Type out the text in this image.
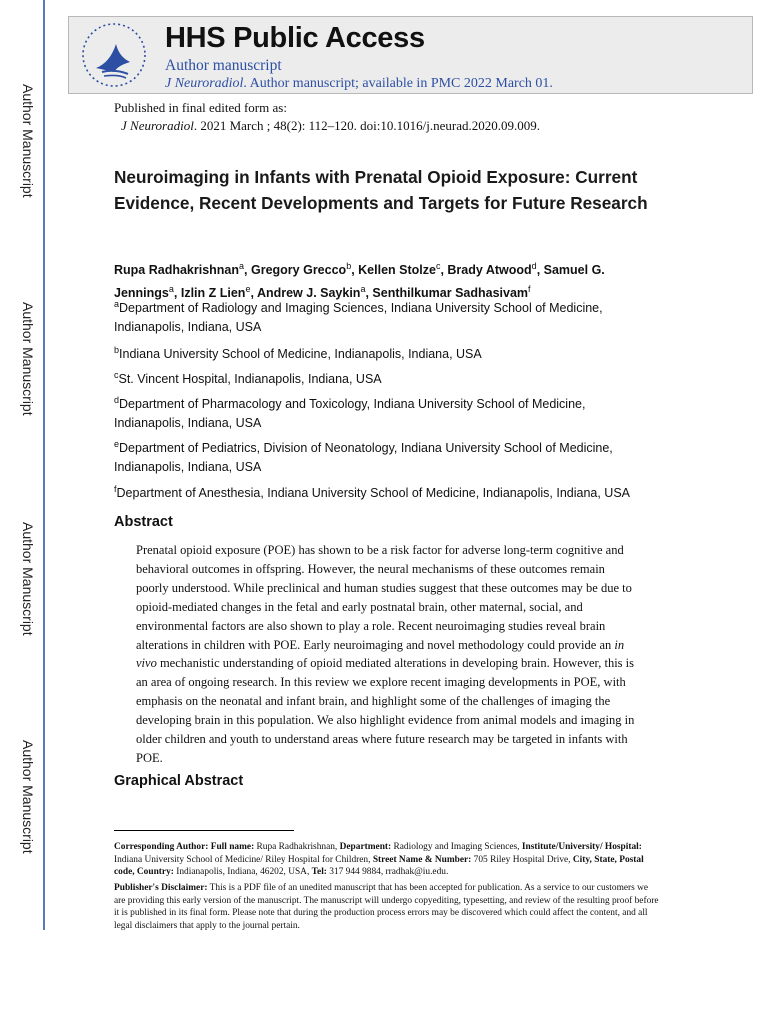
Author Manuscript
Author Manuscript
Author Manuscript
Author Manuscript
HHS Public Access
Author manuscript
J Neuroradiol. Author manuscript; available in PMC 2022 March 01.
Published in final edited form as:
J Neuroradiol. 2021 March ; 48(2): 112–120. doi:10.1016/j.neurad.2020.09.009.
Neuroimaging in Infants with Prenatal Opioid Exposure: Current Evidence, Recent Developments and Targets for Future Research
Rupa Radhakrishnan$^a$, Gregory Grecco$^b$, Kellen Stolze$^c$, Brady Atwood$^d$, Samuel G. Jennings$^a$, Izlin Z Lien$^e$, Andrew J. Saykin$^a$, Senthilkumar Sadhasivam$^f$
$^a$Department of Radiology and Imaging Sciences, Indiana University School of Medicine, Indianapolis, Indiana, USA
$^b$Indiana University School of Medicine, Indianapolis, Indiana, USA
$^c$St. Vincent Hospital, Indianapolis, Indiana, USA
$^d$Department of Pharmacology and Toxicology, Indiana University School of Medicine, Indianapolis, Indiana, USA
$^e$Department of Pediatrics, Division of Neonatology, Indiana University School of Medicine, Indianapolis, Indiana, USA
$^f$Department of Anesthesia, Indiana University School of Medicine, Indianapolis, Indiana, USA
Abstract

Prenatal opioid exposure (POE) has shown to be a risk factor for adverse long-term cognitive and behavioral outcomes in offspring. However, the neural mechanisms of these outcomes remain poorly understood. While preclinical and human studies suggest that these outcomes may be due to opioid-mediated changes in the fetal and early postnatal brain, other maternal, social, and environmental factors are also shown to play a role. Recent neuroimaging studies reveal brain alterations in children with POE. Early neuroimaging and novel methodology could provide an in vivo mechanistic understanding of opioid mediated alterations in developing brain. However, this is an area of ongoing research. In this review we explore recent imaging developments in POE, with emphasis on the neonatal and infant brain, and highlight some of the challenges of imaging the developing brain in this population. We also highlight evidence from animal models and imaging in older children and youth to understand areas where future research may be targeted in infants with POE.

Graphical Abstract

Corresponding Author: Full name: Rupa Radhakrishnan, Department: Radiology and Imaging Sciences, Institute/University/ Hospital: Indiana University School of Medicine/ Riley Hospital for Children, Street Name & Number: 705 Riley Hospital Drive, City, State, Postal code, Country: Indianapolis, Indiana, 46202, USA, Tel: 317 944 9884, rradhak@iu.edu.

Publisher's Disclaimer: This is a PDF file of an unedited manuscript that has been accepted for publication. As a service to our customers we are providing this early version of the manuscript. The manuscript will undergo copyediting, typesetting, and review of the resulting proof before it is published in its final form. Please note that during the production process errors may be discovered which could affect the content, and all legal disclaimers that apply to the journal pertain.
